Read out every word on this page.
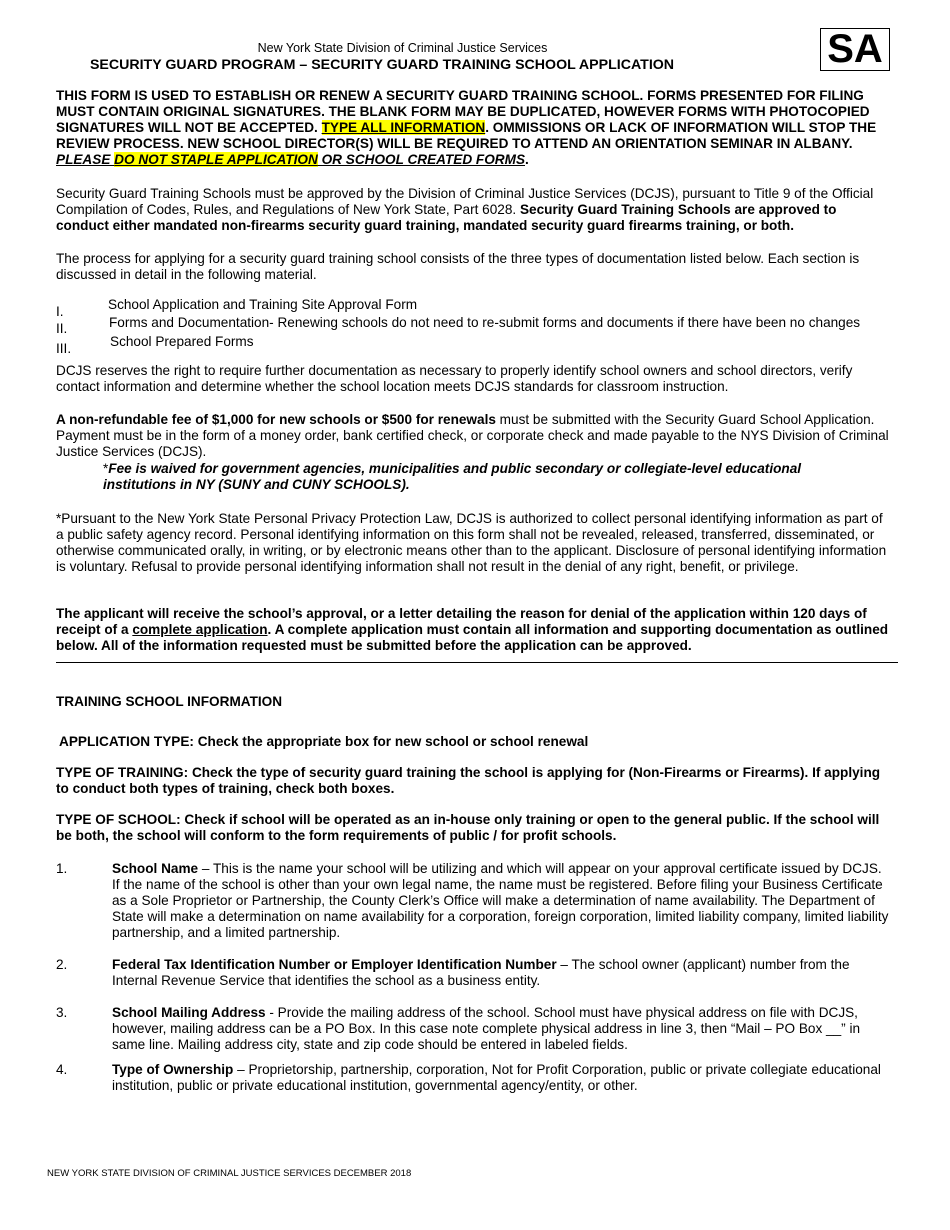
New York State Division of Criminal Justice Services
SECURITY GUARD PROGRAM – SECURITY GUARD TRAINING SCHOOL APPLICATION	SA
THIS FORM IS USED TO ESTABLISH OR RENEW A SECURITY GUARD TRAINING SCHOOL. FORMS PRESENTED FOR FILING MUST CONTAIN ORIGINAL SIGNATURES. THE BLANK FORM MAY BE DUPLICATED, HOWEVER FORMS WITH PHOTOCOPIED SIGNATURES WILL NOT BE ACCEPTED. TYPE ALL INFORMATION. OMMISSIONS OR LACK OF INFORMATION WILL STOP THE REVIEW PROCESS. NEW SCHOOL DIRECTOR(S) WILL BE REQUIRED TO ATTEND AN ORIENTATION SEMINAR IN ALBANY. PLEASE DO NOT STAPLE APPLICATION OR SCHOOL CREATED FORMS.
Security Guard Training Schools must be approved by the Division of Criminal Justice Services (DCJS), pursuant to Title 9 of the Official Compilation of Codes, Rules, and Regulations of New York State, Part 6028. Security Guard Training Schools are approved to conduct either mandated non-firearms security guard training, mandated security guard firearms training, or both.
The process for applying for a security guard training school consists of the three types of documentation listed below. Each section is discussed in detail in the following material.
I.	School Application and Training Site Approval Form
II.	Forms and Documentation- Renewing schools do not need to re-submit forms and documents if there have been no changes
III.	School Prepared Forms
DCJS reserves the right to require further documentation as necessary to properly identify school owners and school directors, verify contact information and determine whether the school location meets DCJS standards for classroom instruction.
A non-refundable fee of $1,000 for new schools or $500 for renewals must be submitted with the Security Guard School Application. Payment must be in the form of a money order, bank certified check, or corporate check and made payable to the NYS Division of Criminal Justice Services (DCJS).
*Fee is waived for government agencies, municipalities and public secondary or collegiate-level educational institutions in NY (SUNY and CUNY SCHOOLS).
*Pursuant to the New York State Personal Privacy Protection Law, DCJS is authorized to collect personal identifying information as part of a public safety agency record. Personal identifying information on this form shall not be revealed, released, transferred, disseminated, or otherwise communicated orally, in writing, or by electronic means other than to the applicant. Disclosure of personal identifying information is voluntary. Refusal to provide personal identifying information shall not result in the denial of any right, benefit, or privilege.
The applicant will receive the school’s approval, or a letter detailing the reason for denial of the application within 120 days of receipt of a complete application. A complete application must contain all information and supporting documentation as outlined below. All of the information requested must be submitted before the application can be approved.
TRAINING SCHOOL INFORMATION
APPLICATION TYPE: Check the appropriate box for new school or school renewal
TYPE OF TRAINING: Check the type of security guard training the school is applying for (Non-Firearms or Firearms). If applying to conduct both types of training, check both boxes.
TYPE OF SCHOOL: Check if school will be operated as an in-house only training or open to the general public. If the school will be both, the school will conform to the form requirements of public / for profit schools.
1.	School Name – This is the name your school will be utilizing and which will appear on your approval certificate issued by DCJS. If the name of the school is other than your own legal name, the name must be registered. Before filing your Business Certificate as a Sole Proprietor or Partnership, the County Clerk’s Office will make a determination of name availability. The Department of State will make a determination on name availability for a corporation, foreign corporation, limited liability company, limited liability partnership, and a limited partnership.
2.	Federal Tax Identification Number or Employer Identification Number – The school owner (applicant) number from the Internal Revenue Service that identifies the school as a business entity.
3.	School Mailing Address - Provide the mailing address of the school. School must have physical address on file with DCJS, however, mailing address can be a PO Box. In this case note complete physical address in line 3, then “Mail – PO Box __” in same line. Mailing address city, state and zip code should be entered in labeled fields.
4.	Type of Ownership – Proprietorship, partnership, corporation, Not for Profit Corporation, public or private collegiate educational institution, public or private educational institution, governmental agency/entity, or other.
NEW YORK STATE DIVISION OF CRIMINAL JUSTICE SERVICES DECEMBER 2018
